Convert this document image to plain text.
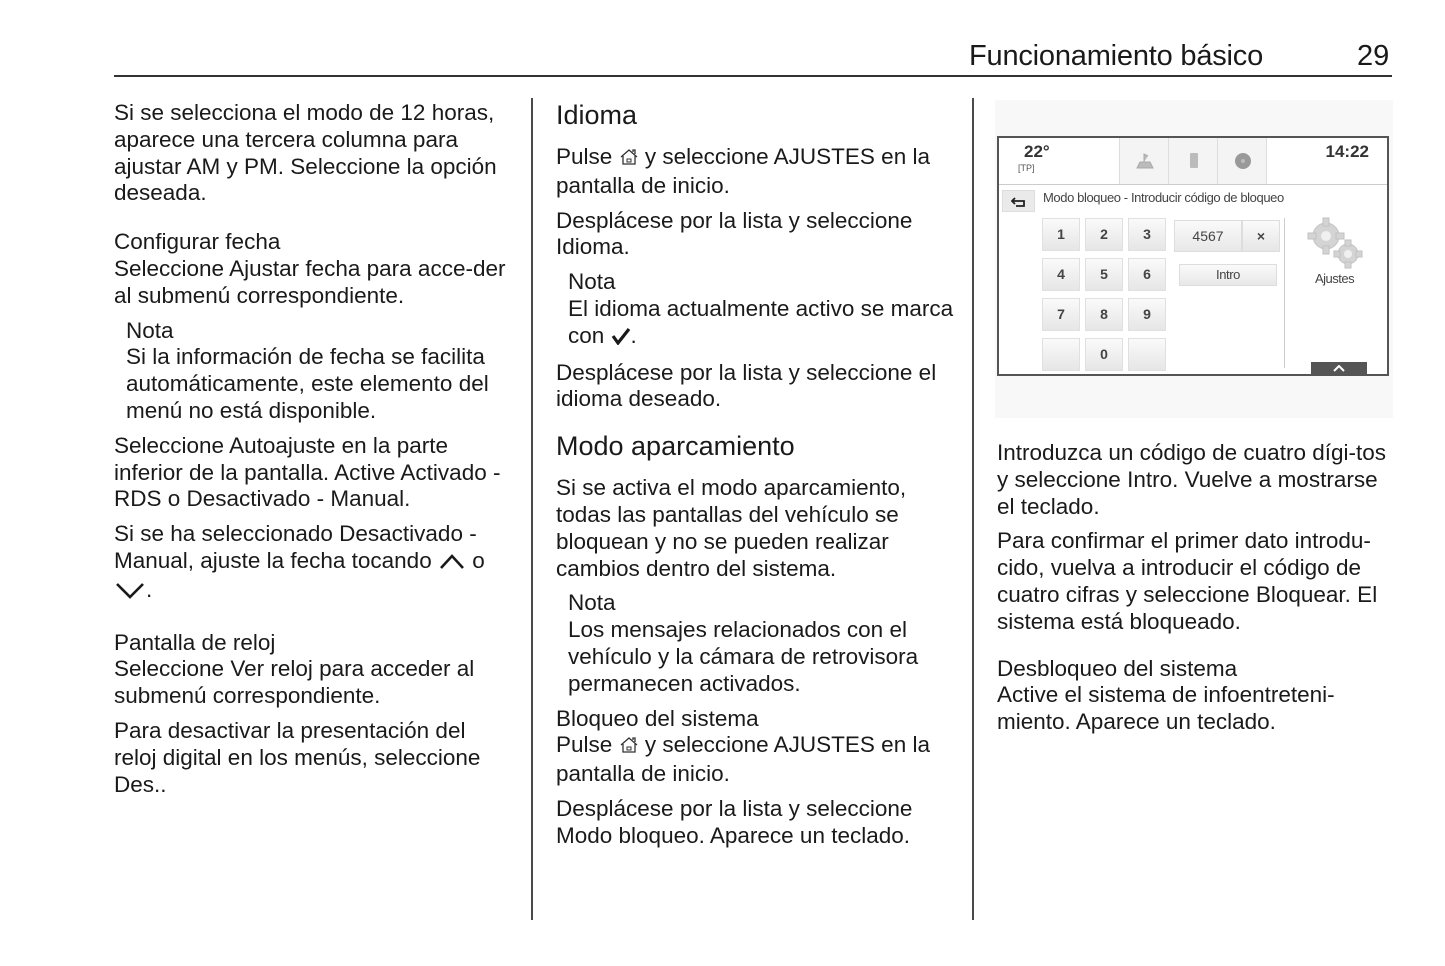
Funcionamiento básico	29

Si se selecciona el modo de 12 horas, aparece una tercera columna para ajustar AM y PM. Seleccione la opción deseada.

Configurar fecha

Seleccione Ajustar fecha para acce-der al submenú correspondiente.

Nota
Si la información de fecha se facilita automáticamente, este elemento del menú no está disponible.

Seleccione Autoajuste en la parte inferior de la pantalla. Active Activado - RDS o Desactivado - Manual.

Si se ha seleccionado Desactivado - Manual, ajuste la fecha tocando o
.

Pantalla de reloj

Seleccione Ver reloj para acceder al submenú correspondiente.

Para desactivar la presentación del reloj digital en los menús, seleccione Des..

Idioma

Pulse y seleccione AJUSTES en la pantalla de inicio.

Desplácese por la lista y seleccione Idioma.

Nota
El idioma actualmente activo se marca con .

Desplácese por la lista y seleccione el idioma deseado.

Modo aparcamiento

Si se activa el modo aparcamiento, todas las pantallas del vehículo se bloquean y no se pueden realizar cambios dentro del sistema.

Nota
Los mensajes relacionados con el vehículo y la cámara de retrovisora permanecen activados.
Bloqueo del sistema

Pulse y seleccione AJUSTES en la pantalla de inicio.

Desplácese por la lista y seleccione Modo bloqueo. Aparece un teclado.

22°
[TP]
14:22
Modo bloqueo - Introducir código de bloqueo
1	2	3
4	5	6
7	8	9
0
4567	×
Intro	Ajustes

Introduzca un código de cuatro dígi-tos y seleccione Intro. Vuelve a mostrarse el teclado.

Para confirmar el primer dato introdu-cido, vuelva a introducir el código de cuatro cifras y seleccione Bloquear. El sistema está bloqueado.

Desbloqueo del sistema

Active el sistema de infoentreteni-miento. Aparece un teclado.
